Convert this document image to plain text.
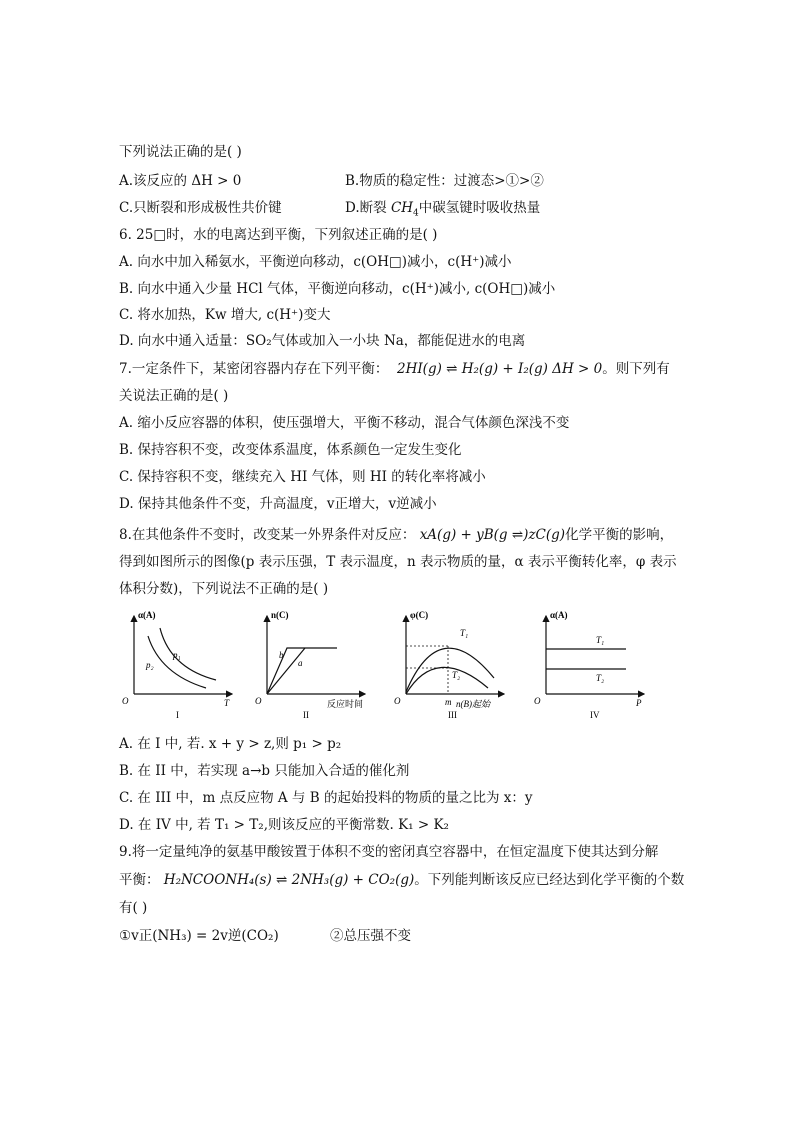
下列说法正确的是( )
A.该反应的 ΔH > 0	B.物质的稳定性：过渡态>①>②
C.只断裂和形成极性共价键	D.断裂 $CH_4$中碳氢键时吸收热量
6. 25□时，水的电离达到平衡，下列叙述正确的是( )
A. 向水中加入稀氨水，平衡逆向移动，c(OH□)减小，c(H⁺)减小
B. 向水中通入少量 HCl 气体，平衡逆向移动，c(H⁺)减小, c(OH□)减小
C. 将水加热，Kw 增大, c(H⁺)变大
D. 向水中通入适量：SO₂气体或加入一小块 Na，都能促进水的电离
7.一定条件下，某密闭容器内存在下列平衡： 2HI(g) ⇌ H₂(g) + I₂(g) ΔH > 0。则下列有
关说法正确的是( )
A. 缩小反应容器的体积，使压强增大，平衡不移动，混合气体颜色深浅不变
B. 保持容积不变，改变体系温度，体系颜色一定发生变化
C. 保持容积不变，继续充入 HI 气体，则 HI 的转化率将减小
D. 保持其他条件不变，升高温度，v正增大，v逆减小
8.在其他条件不变时，改变某一外界条件对反应： xA(g) + yB(g ⇌)zC(g)化学平衡的影响，
得到如图所示的图像(p 表示压强，T 表示温度，n 表示物质的量，α 表示平衡转化率，φ 表示
体积分数)，下列说法不正确的是( )
α(A)
T
O
p₁
p₂
I
n(C)
反应时间
O
b
a
II
φ(C)
n(B)起始
O
T₁
T₂
m
III
α(A)
P
O
T₁
T₂
IV
A. 在 I 中, 若. x + y > z,则 p₁ > p₂
B. 在 II 中，若实现 a→b 只能加入合适的催化剂
C. 在 III 中，m 点反应物 A 与 B 的起始投料的物质的量之比为 x：y
D. 在 IV 中, 若 T₁ > T₂,则该反应的平衡常数. K₁ > K₂
9.将一定量纯净的氨基甲酸铵置于体积不变的密闭真空容器中，在恒定温度下使其达到分解
平衡： H₂NCOONH₄(s) ⇌ 2NH₃(g) + CO₂(g)。下列能判断该反应已经达到化学平衡的个数
有( )
①v正(NH₃) = 2v逆(CO₂)	②总压强不变
